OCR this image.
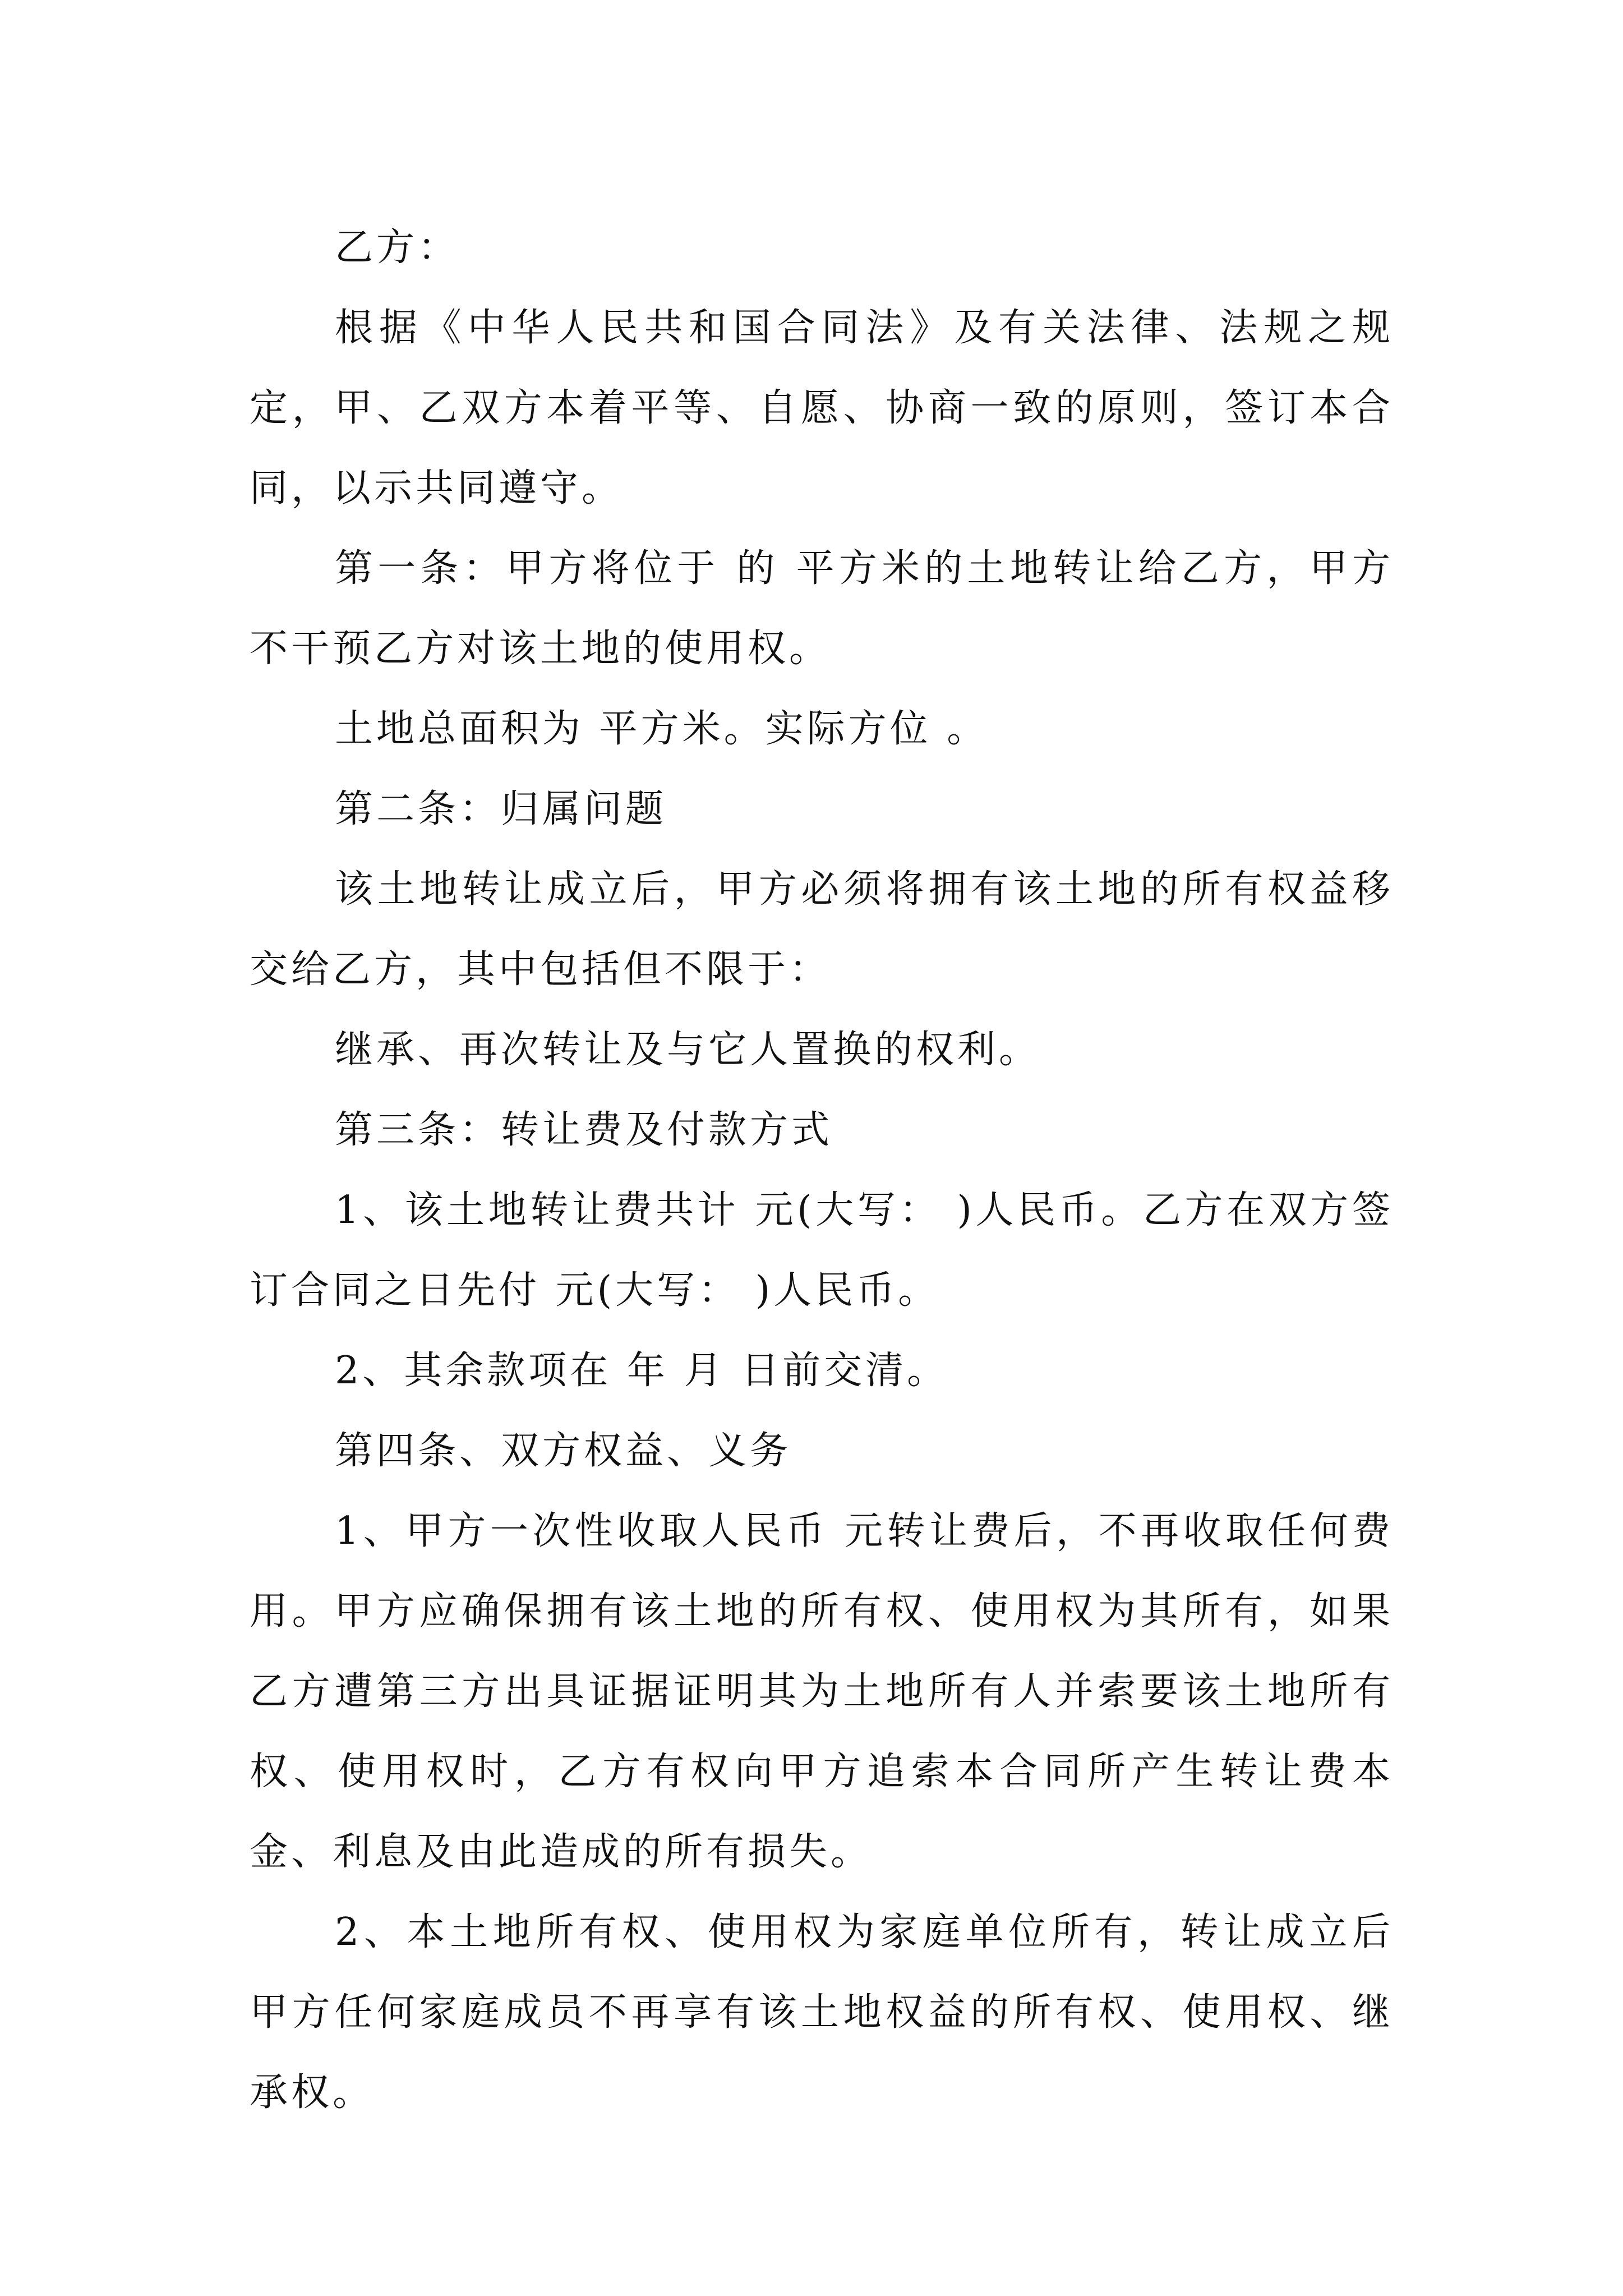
乙方：

根据《中华人民共和国合同法》及有关法律、法规之规定，甲、乙双方本着平等、自愿、协商一致的原则，签订本合同，以示共同遵守。

第一条：甲方将位于 的 平方米的土地转让给乙方，甲方不干预乙方对该土地的使用权。

土地总面积为 平方米。实际方位 。

第二条：归属问题

该土地转让成立后，甲方必须将拥有该土地的所有权益移交给乙方，其中包括但不限于：

继承、再次转让及与它人置换的权利。

第三条：转让费及付款方式

1、该土地转让费共计 元(大写： )人民币。乙方在双方签订合同之日先付 元(大写： )人民币。

2、其余款项在 年 月 日前交清。

第四条、双方权益、义务

1、甲方一次性收取人民币 元转让费后，不再收取任何费用。甲方应确保拥有该土地的所有权、使用权为其所有，如果乙方遭第三方出具证据证明其为土地所有人并索要该土地所有权、使用权时，乙方有权向甲方追索本合同所产生转让费本金、利息及由此造成的所有损失。

2、本土地所有权、使用权为家庭单位所有，转让成立后甲方任何家庭成员不再享有该土地权益的所有权、使用权、继承权。
